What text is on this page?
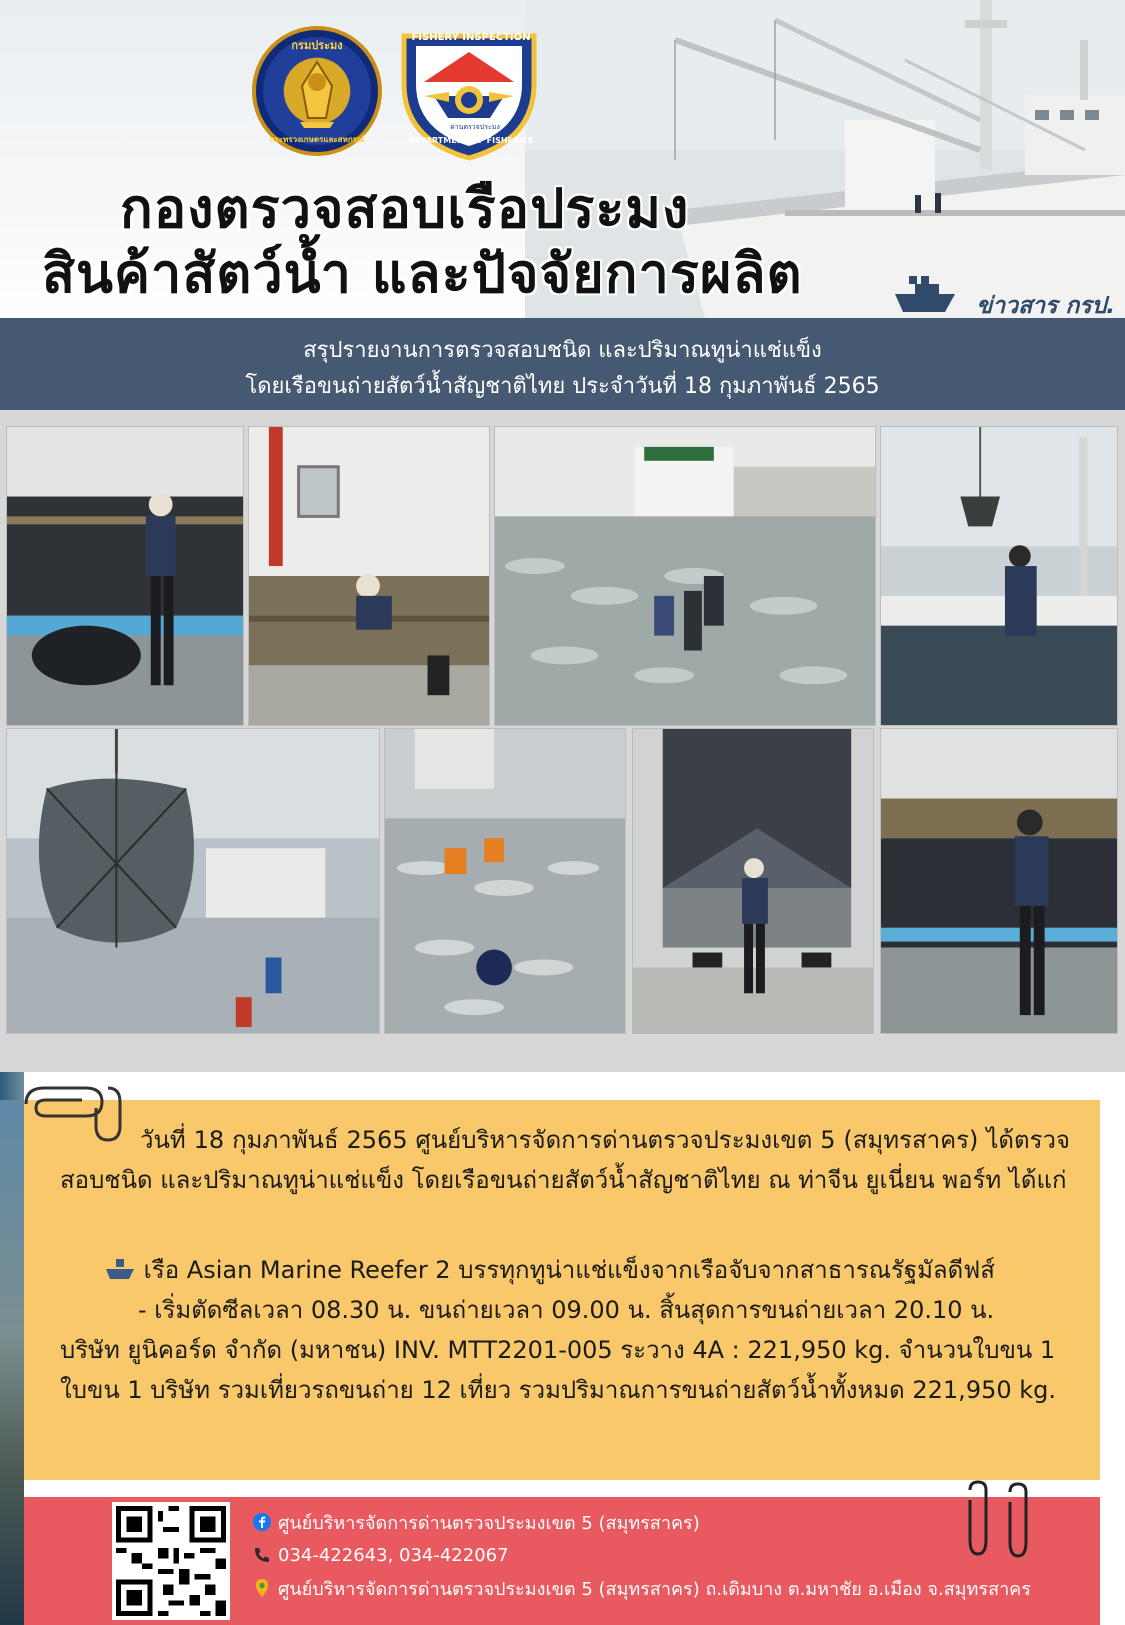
กรมประมง
กระทรวงเกษตรและสหกรณ์
FISHERY INSPECTION
ด่านตรวจประมง
DEPARTMENT OF FISHERIES
กองตรวจสอบเรือประมง
สินค้าสัตว์น้ำ และปัจจัยการผลิต
ข่าวสาร กรป.
สรุปรายงานการตรวจสอบชนิด และปริมาณทูน่าแช่แข็ง
โดยเรือขนถ่ายสัตว์น้ำสัญชาติไทย ประจำวันที่ 18 กุมภาพันธ์ 2565
วันที่ 18 กุมภาพันธ์ 2565 ศูนย์บริหารจัดการด่านตรวจประมงเขต 5 (สมุทรสาคร) ได้ตรวจสอบชนิด และปริมาณทูน่าแช่แข็ง โดยเรือขนถ่ายสัตว์น้ำสัญชาติไทย ณ ท่าจีน ยูเนี่ยน พอร์ท ได้แก่
เรือ Asian Marine Reefer 2 บรรทุกทูน่าแช่แข็งจากเรือจับจากสาธารณรัฐมัลดีฟส์
- เริ่มตัดซีลเวลา 08.30 น. ขนถ่ายเวลา 09.00 น. สิ้นสุดการขนถ่ายเวลา 20.10 น.
บริษัท ยูนิคอร์ด จำกัด (มหาชน) INV. MTT2201-005 ระวาง 4A : 221,950 kg. จำนวนใบขน 1 ใบขน 1 บริษัท รวมเที่ยวรถขนถ่าย 12 เที่ยว รวมปริมาณการขนถ่ายสัตว์น้ำทั้งหมด 221,950 kg.
ศูนย์บริหารจัดการด่านตรวจประมงเขต 5 (สมุทรสาคร)
034-422643, 034-422067
ศูนย์บริหารจัดการด่านตรวจประมงเขต 5 (สมุทรสาคร) ถ.เดิมบาง ต.มหาชัย อ.เมือง จ.สมุทรสาคร
